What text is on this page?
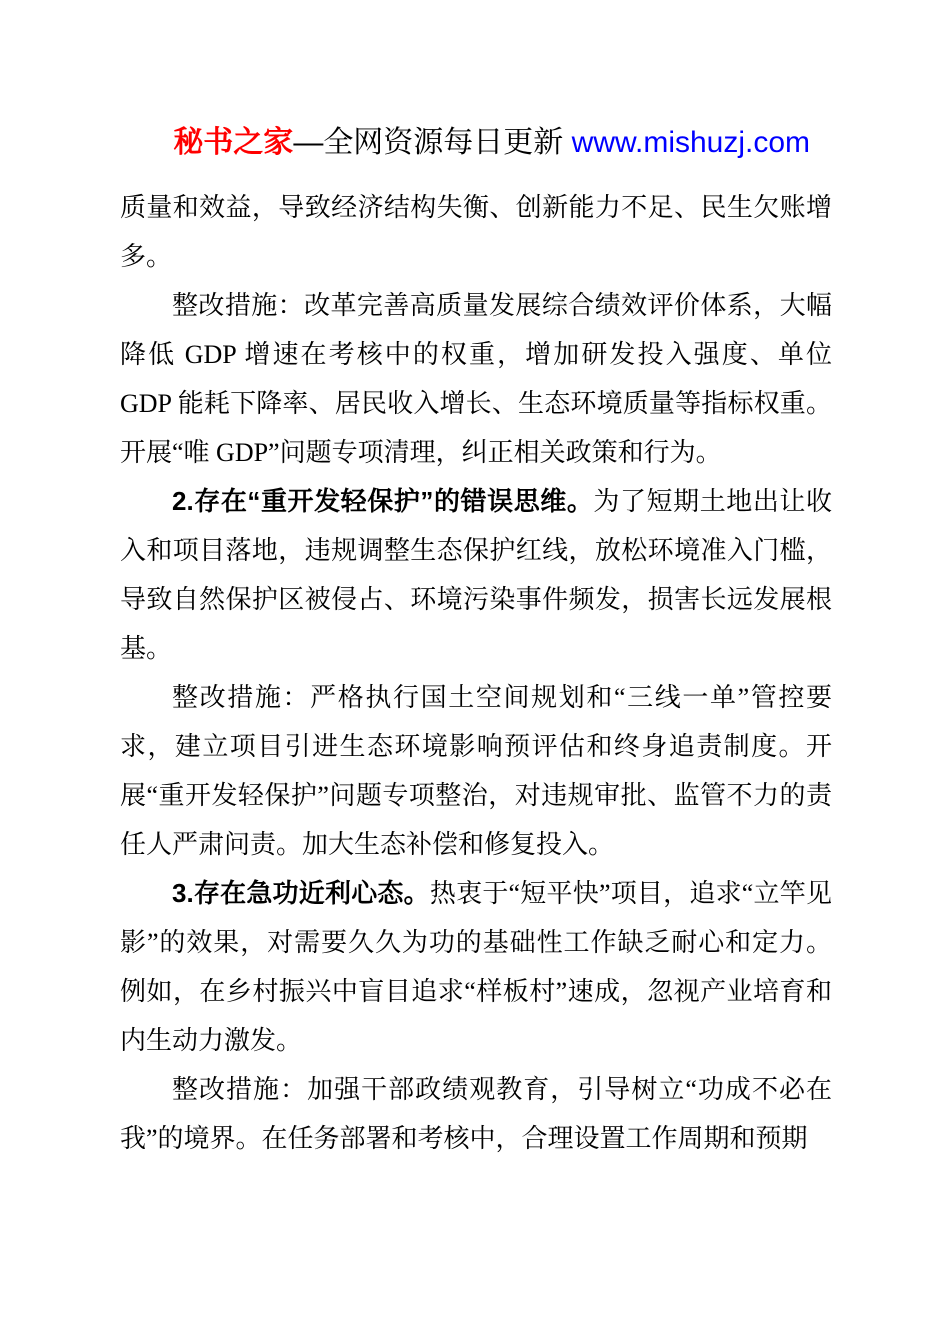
秘书之家—全网资源每日更新 www.mishuzj.com

质量和效益，导致经济结构失衡、创新能力不足、民生欠账增多。

整改措施：改革完善高质量发展综合绩效评价体系，大幅降低 GDP 增速在考核中的权重，增加研发投入强度、单位 GDP 能耗下降率、居民收入增长、生态环境质量等指标权重。开展“唯 GDP”问题专项清理，纠正相关政策和行为。

2.存在“重开发轻保护”的错误思维。为了短期土地出让收入和项目落地，违规调整生态保护红线，放松环境准入门槛，导致自然保护区被侵占、环境污染事件频发，损害长远发展根基。

整改措施：严格执行国土空间规划和“三线一单”管控要求，建立项目引进生态环境影响预评估和终身追责制度。开展“重开发轻保护”问题专项整治，对违规审批、监管不力的责任人严肃问责。加大生态补偿和修复投入。

3.存在急功近利心态。热衷于“短平快”项目，追求“立竿见影”的效果，对需要久久为功的基础性工作缺乏耐心和定力。例如，在乡村振兴中盲目追求“样板村”速成，忽视产业培育和内生动力激发。

整改措施：加强干部政绩观教育，引导树立“功成不必在我”的境界。在任务部署和考核中，合理设置工作周期和预期
